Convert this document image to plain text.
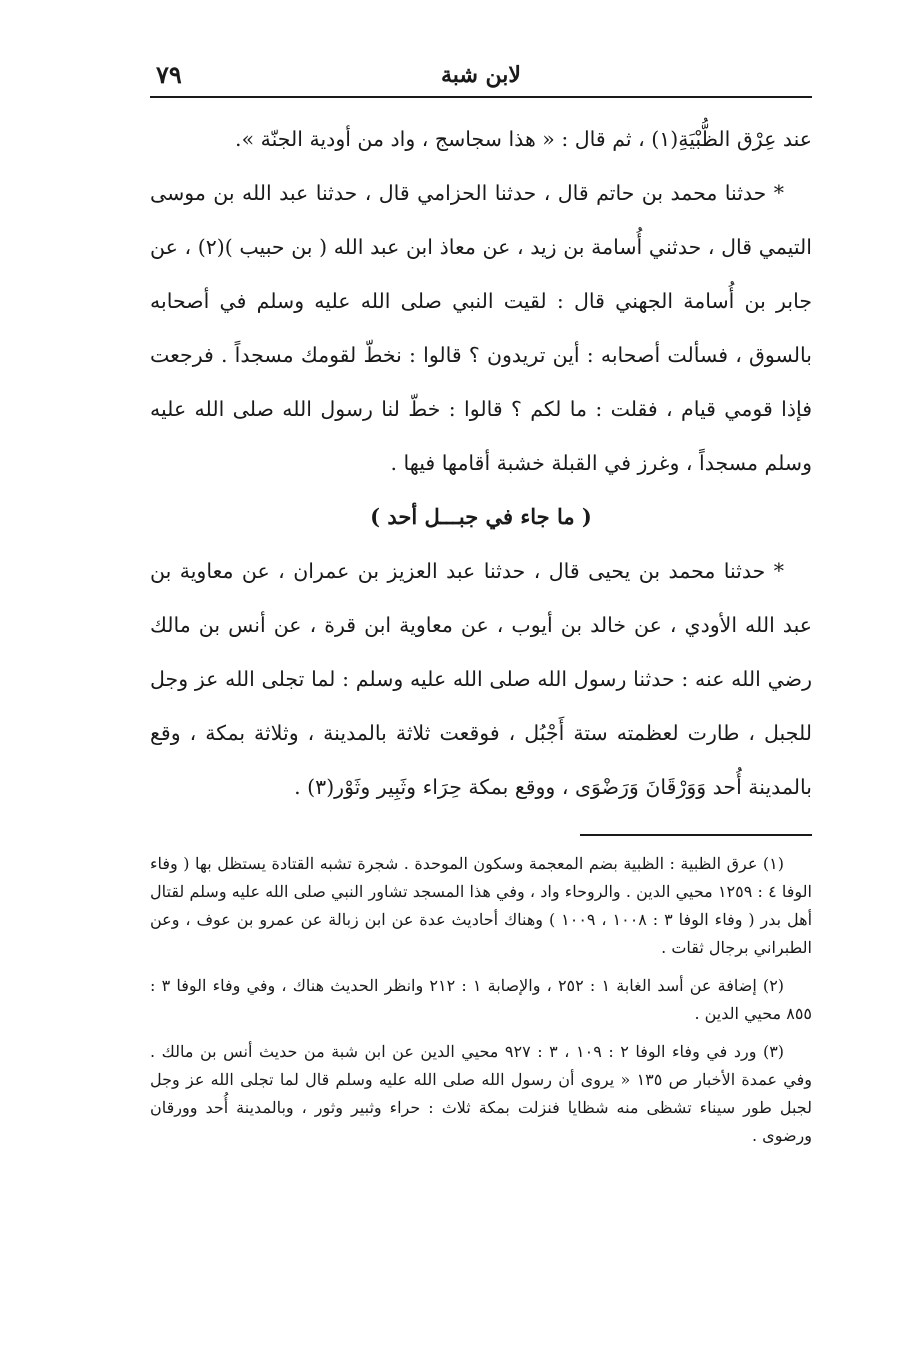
لابن شبة
٧٩

عند عِرْق الظُّبْيَةِ(١) ، ثم قال : « هذا سجاسج ، واد من أودية الجنّة ».

* حدثنا محمد بن حاتم قال ، حدثنا الحزامي قال ، حدثنا عبد الله بن موسى التيمي قال ، حدثني أُسامة بن زيد ، عن معاذ ابن عبد الله ( بن حبيب )(٢) ، عن جابر بن أُسامة الجهني قال : لقيت النبي صلى الله عليه وسلم في أصحابه بالسوق ، فسألت أصحابه : أين تريدون ؟ قالوا : نخطّ لقومك مسجداً . فرجعت فإذا قومي قيام ، فقلت : ما لكم ؟ قالوا : خطّ لنا رسول الله صلى الله عليه وسلم مسجداً ، وغرز في القبلة خشبة أقامها فيها .

( ما جاء في جبـــل أحد )

* حدثنا محمد بن يحيى قال ، حدثنا عبد العزيز بن عمران ، عن معاوية بن عبد الله الأودي ، عن خالد بن أيوب ، عن معاوية ابن قرة ، عن أنس بن مالك رضي الله عنه : حدثنا رسول الله صلى الله عليه وسلم : لما تجلى الله عز وجل للجبل ، طارت لعظمته ستة أَجْبُل ، فوقعت ثلاثة بالمدينة ، وثلاثة بمكة ، وقع بالمدينة أُحد وَوَرْقَانَ وَرَضْوَى ، ووقع بمكة حِرَاء وثَبِير وثَوْر(٣) .

(١) عرق الظبية : الظبية بضم المعجمة وسكون الموحدة . شجرة تشبه القتادة يستظل بها ( وفاء الوفا ٤ : ١٢٥٩ محيي الدين . والروحاء واد ، وفي هذا المسجد تشاور النبي صلى الله عليه وسلم لقتال أهل بدر ( وفاء الوفا ٣ : ١٠٠٨ ، ١٠٠٩ ) وهناك أحاديث عدة عن ابن زبالة عن عمرو بن عوف ، وعن الطبراني برجال ثقات .

(٢) إضافة عن أسد الغابة ١ : ٢٥٢ ، والإصابة ١ : ٢١٢ وانظر الحديث هناك ، وفي وفاء الوفا ٣ : ٨٥٥ محيي الدين .

(٣) ورد في وفاء الوفا ٢ : ١٠٩ ، ٣ : ٩٢٧ محيي الدين عن ابن شبة من حديث أنس بن مالك . وفي عمدة الأخبار ص ١٣٥ « يروى أن رسول الله صلى الله عليه وسلم قال لما تجلى الله عز وجل لجبل طور سيناء تشظى منه شظايا فنزلت بمكة ثلاث : حراء وثبير وثور ، وبالمدينة أُحد وورقان ورضوى .
